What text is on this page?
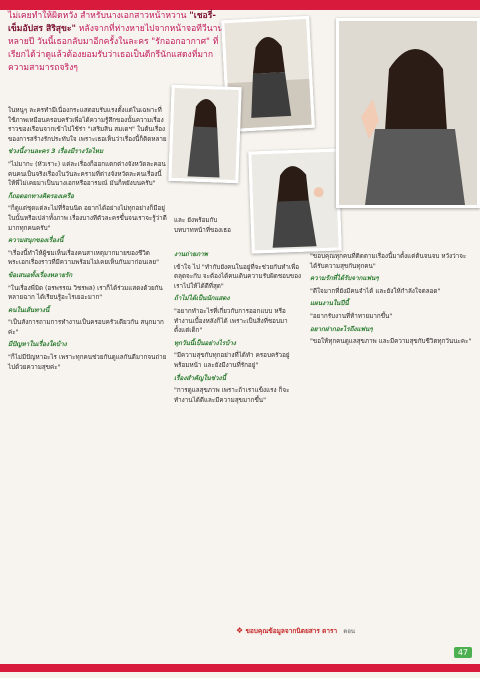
ไม่เคยทำให้ผิดหวัง สำหรับนางเอกสาวหน้าหวาน "เชอรี่-เข็มอัปสร สิริสุขะ" หลังจากที่ห่างหายไปจากหน้าจอทีวีนานหลายปี วันนี้เธอกลับมาอีกครั้งในละคร "รักออกอากาศ" ที่เรียกได้ว่าดูแล้วต้องยอมรับว่าเธอเป็นดีกรีนักแสดงที่มากความสามารถจริงๆ

ในหนูๆ ละครทำมีเนื่องกระแสตอบรับแรงตั้งแต่ในเฉพาะที่ใช้ภาพเหมือนครอบครัวเพื่อได้ความรู้สึกของนั้นความเรื่องราวของเรือนจากเข้าไปใช้ร่า "เสริมสิน สมเดฯ" ในต้นเรื่องของการสร้างรักประทับใจ เพราะเธอเห็นว่าเรื่องนี้ก็ติดหลาย

ช่วงนี้งานละคร 3 เรื่องมีรางวัลไหม

"ไม่มากะ (หัวเราะ) แต่ละเรื่องก็ออกแตกต่างจังหวัดละคอนคนคนเป็นจริงเรื่องในวันละครามที่ต่างจังหวัดละคนเรื่องนี้ให้พี่ไม่เคยมาเป็นนางเอกหรืออารมณ์ มันก็หยังบนครับ"

ก็ถอดอกทางคิดรองเครือ

"ก็ดูแต่ชุดแต่ละไม่ที่ร้อนนิด อยากได้อย่างไม่ทุกอย่างก็มีอยู่ในนั้นหรือเปล่าทั้งภาพ เรื่องบางทีตัวละครขึ้นจนเราจะรู้ว่าดีมากทุกคนครับ"

ความสนุกของเรื่องนี้

"เรื่องนี้ทำให้ผู้ชมเห็นเรื่องคนสาเหตุมากมายของชีวิตพระเอกเรื่องราวที่มีความพร้อมไม่เคยเห็นกันมาก่อนเลย"

ข้อเสนอทั้งเรื่องหลายรัก

"ในเรื่องพี่มิด (อรพรรณ วิชรพล) เราก็ได้ร่วมแสดงด้วยกันหลายฉาก ได้เรียนรู้อะไรเยอะมาก"

คนในเส้นทางนี้

"เป็นสังการถามการทำงานเป็นครอบครัวเดียวกัน สนุกมากค่ะ"

มีปัญหาในเรื่องใดบ้าง

"ก็ไม่มีปัญหาอะไร เพราะทุกคนช่วยกันดูแลกันดีมากจนถ่ายไปด้วยความสุขค่ะ"

และ ยังพร้อมกับบทบาทหน้าที่ของเธอ

งานถ่ายภาพ

เข้าใจ ไป "ทำกับยังคนในอยู่ที่จะช่วยกันทำเพื่อตลุดจะกับ จะต้องได้คนเดินความรับผิดชอบของเราไปให้ได้ดีที่สุด"

ถ้าไม่ได้เป็นนักแสดง

"อยากทำอะไรที่เกี่ยวกับการออกแบบ หรือทำงานเบื้องหลังก็ได้ เพราะเป็นสิ่งที่ชอบมาตั้งแต่เด็ก"

ทุกวันนี้เป็นอย่างไรบ้าง

"มีความสุขกับทุกอย่างที่ได้ทำ ครอบครัวอยู่พร้อมหน้า และยังมีงานที่รักอยู่"

เรื่องสำคัญในช่วงนี้

"การดูแลสุขภาพ เพราะถ้าเราแข็งแรง ก็จะทำงานได้ดีและมีความสุขมากขึ้น"

"ขอบคุณทุกคนที่ติดตามเรื่องนี้มาตั้งแต่ต้นจนจบ หวังว่าจะได้รับความสุขกันทุกคน"

ความรักที่ได้รับจากแฟนๆ

"ดีใจมากที่ยังมีคนจำได้ และยังให้กำลังใจตลอด"

แผนงานในปีนี้

"อยากรับงานที่ท้าทายมากขึ้น"

อยากฝากอะไรถึงแฟนๆ

"ขอให้ทุกคนดูแลสุขภาพ และมีความสุขกับชีวิตทุกวันนะคะ"

❖ ขอบคุณข้อมูลจากนิตยสาร ดารา ตอน
47
